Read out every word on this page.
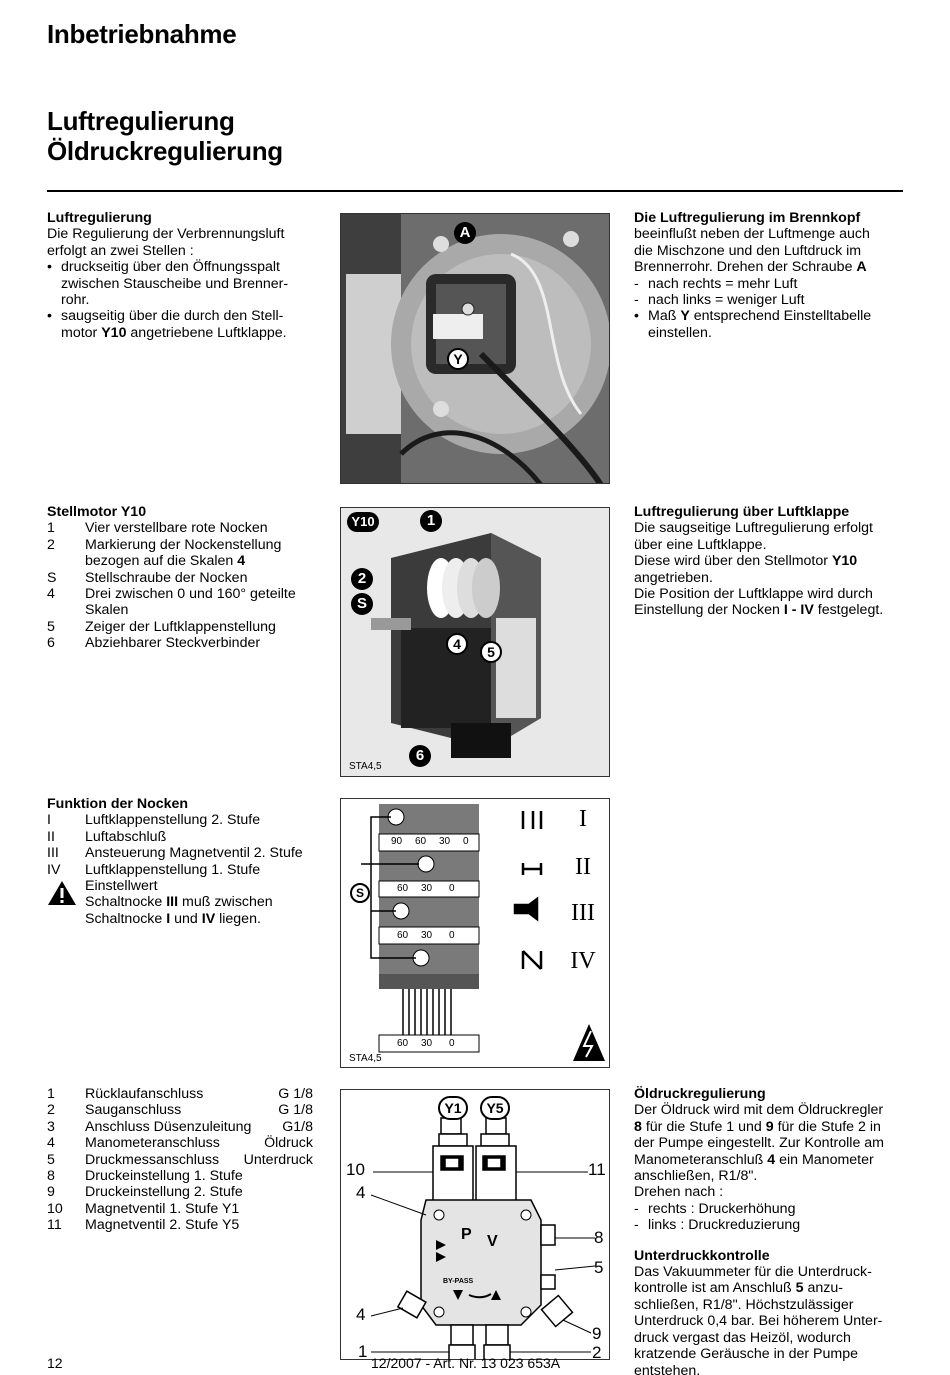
Inbetriebnahme
Luftregulierung
Öldruckregulierung
Luftregulierung
Die Regulierung der Verbrennungsluft
erfolgt an zwei Stellen :
• druckseitig über den Öffnungsspalt
zwischen Stauscheibe und Brenner-
rohr.
• saugseitig über die durch den Stell-
motor Y10 angetriebene Luftklappe.
A
Y
Die Luftregulierung im Brennkopf
beeinflußt neben der Luftmenge auch
die Mischzone und den Luftdruck im
Brennerrohr. Drehen der Schraube A
- nach rechts = mehr Luft
- nach links = weniger Luft
• Maß Y entsprechend Einstelltabelle
einstellen.
Stellmotor Y10
1	Vier verstellbare rote Nocken
2	Markierung der Nockenstellung
bezogen auf die Skalen 4
S	Stellschraube der Nocken
4	Drei zwischen 0 und 160° geteilte
Skalen
5	Zeiger der Luftklappenstellung
6	Abziehbarer Steckverbinder
Y10	1
2
S
4	5
6
STA4,5
Luftregulierung über Luftklappe
Die saugseitige Luftregulierung erfolgt
über eine Luftklappe.
Diese wird über den Stellmotor Y10
angetrieben.
Die Position der Luftklappe wird durch
Einstellung der Nocken I - IV festgelegt.
Funktion der Nocken
I	Luftklappenstellung 2. Stufe
II	Luftabschluß
III	Ansteuerung Magnetventil 2. Stufe
IV	Luftklappenstellung 1. Stufe
Einstellwert
Schaltnocke III muß zwischen
Schaltnocke I und IV liegen.
90 60 30 0
60 30 0
60 30 0
60 30 0
S
I
II
III
IV
STA4,5
1	Rücklaufanschluss	G 1/8
2	Sauganschluss	G 1/8
3	Anschluss Düsenzuleitung G1/8
4	Manometeranschluss	Öldruck
5	Druckmessanschluss Unterdruck
8	Druckeinstellung 1. Stufe
9	Druckeinstellung 2. Stufe
10	Magnetventil 1. Stufe Y1
11	Magnetventil 2. Stufe Y5
Y1	Y5
10
4
11
8
5
4
9
1	2
P V
BY-PASS
Öldruckregulierung
Der Öldruck wird mit dem Öldruckregler
8 für die Stufe 1 und 9 für die Stufe 2 in
der Pumpe eingestellt. Zur Kontrolle am
Manometeranschluß 4 ein Manometer
anschließen, R1/8".
Drehen nach :
- rechts : Druckerhöhung
- links : Druckreduzierung
Unterdruckkontrolle
Das Vakuummeter für die Unterdruck-
kontrolle ist am Anschluß 5 anzu-
schließen, R1/8". Höchstzulässiger
Unterdruck 0,4 bar. Bei höherem Unter-
druck vergast das Heizöl, wodurch
kratzende Geräusche in der Pumpe
entstehen.
12	12/2007 - Art. Nr. 13 023 653A
